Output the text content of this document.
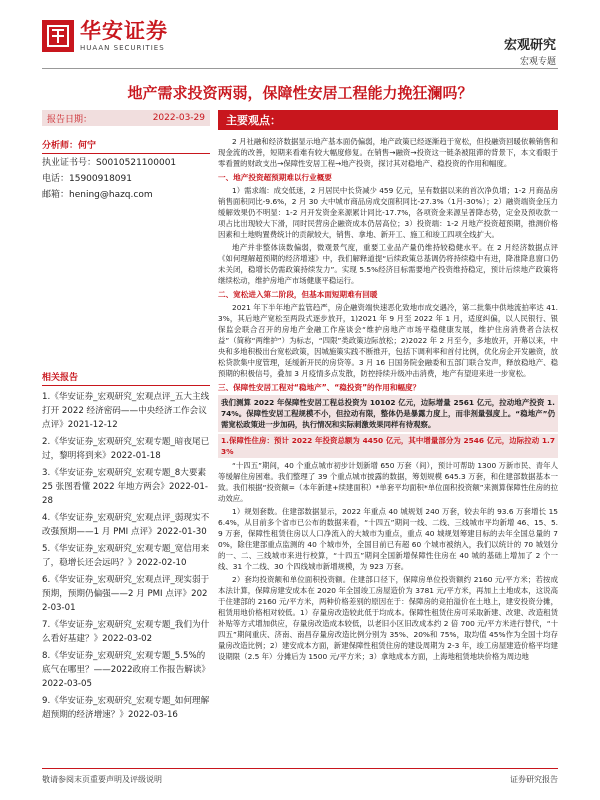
华安证券
HUAAN SECURITIES	宏观研究
宏观专题
地产需求投资两弱，保障性安居工程能力挽狂澜吗？
报告日期：	2022-03-29
分析师：何宁
执业证书号：S0010521100001
电话：15900918091
邮箱：hening@hazq.com
相关报告
1.《华安证券_宏观研究_宏观点评_五大主线打开 2022 经济密码——中央经济工作会议点评》2021-12-12
2.《华安证券_宏观研究_宏观专题_暗夜尾已过，黎明将到来》2022-01-18
3.《华安证券_宏观研究_宏观专题_8大要素 25 张图看懂 2022 年地方两会》2022-01-28
4.《华安证券_宏观研究_宏观点评_弱现实不改强预期——1 月 PMI 点评》2022-01-30
5.《华安证券_宏观研究_宏观专题_宽信用来了，稳增长还会远吗？》2022-02-10
6.《华安证券_宏观研究_宏观点评_现实弱于预期，预期仍偏强——2 月 PMI 点评》2022-03-01
7.《华安证券_宏观研究_宏观专题_我们为什么看好基建？》2022-03-02
8.《华安证券_宏观研究_宏观专题_5.5%的底气在哪里？——2022政府工作报告解读》2022-03-05
9.《华安证券_宏观研究_宏观专题_如何理解超预期的经济增速？》2022-03-16
主要观点：

2 月社融和经济数据显示地产基本面仍偏弱，地产政策已经逐渐趋于宽松，但投融资回暖依赖销售和现金流的改善，短期来看难有较大幅度修复。在销售→融资→投资这一链条被阻滞的背景下，本文看眼于零看置的财政支出→保障性安居工程→地产投资，探讨其对稳地产、稳投资的作用和幅度。

一、地产投资超预期难以行业概要

1）需求端：成交低迷，2 月居民中长贷减少 459 亿元，呈有数据以来的首次净负增；1-2 月商品房销售面积同比-9.6%，2 月 30 大中城市商品房成交面积同比-27.3%（1月-30%）；2）融资端资金压力缓解效果仍不明显：1-2 月开发资金来源累计同比-17.7%，各项资金来源呈普降态势，定金及预收款一项占比出现较大下滑，同时民营房企融资成本仍居高位；3）投资端：1-2 月地产投资超预期，推测价格因素和土地购置费统计的贡献较大，销售、拿地、新开工、施工和竣工四项全线扩大。

地产并非整体读数偏弱，微观景气度，重要工业品产量仍维持较稳健水平。在 2 月经济数据点评《如何理解超预期的经济增速》中，我们解释道提“后续政策总基调仍将持续稳中有进，降准降息窗口仍未关闭，稳增长仍需政策持续发力”。实现 5.5%经济目标需要地产投资维持稳定，预计后续地产政策将继续松动，维护房地产市场健康平稳运行。

二、宽松进入第二阶段，但基本面短期难有回暖

2021 年下半年地产监管趋严，房企融资端快速恶化致地市成交遇冷，第二批集中供地流拍率达 41.3%，其后地产宽松至两段式逐步放开，1)2021 年 9 月至 2022 年 1 月，适度纠偏，以人民银行、银保监会联合召开的房地产金融工作座谈会“维护房地产市场平稳健康发展，维护住房消费者合法权益”（简称“两维护”）为标志，“四限”类政策边际放松；2)2022 年 2 月至今，多地放开，开幕以来，中央和多地积极出台宽松政策，因城施策实践不断推开，包括下调利率和首付比例，优化房企开发融资，放松贷款集中度管理，延缓新开民的房贷等。3 月 16 日国务院金融委和五部门联合发声，释放稳地产、稳预期的积极信号，叠加 3 月疫情多点发散，防控持续升级冲击消费，地产有望迎来进一步宽松。

三、保障性安居工程对“稳地产”、“稳投资”的作用和幅度？
我们测算 2022 年保障性安居工程总投资为 10102 亿元，边际增量 2561 亿元，拉动地产投资 1.74%。保障性安居工程规模不小，但拉动有限，整体仍是暴露力度上，而非剂量强度上。“稳地产”仍需宽松政策进一步加码，执行情况和实际刺激效果同样有待观察。
1.保障性住房：预计 2022 年投资总额为 4450 亿元，其中增量部分为 2546 亿元，边际拉动 1.73%

“十四五”期间，40 个重点城市初步计划新增 650 万套（间），预计可帮助 1300 万新市民、青年人等缓解住房困难。我们整理了 39 个重点城市披露的数据，筹划规模 645.3 万套，和住建部数据基本一致。我们根据“投资额=（本年新建+续建面积）*单套平均面积*单位面积投资额”来测算保障性住房的拉动效应。

1）规划套数。住建部数据显示，2022 年重点 40 城规划 240 万套，较去年的 93.6 万套增长 156.4%，从目前多个省市已公布的数据来看，“十四五”期间一线、二线、三线城市平均新增 46、15、5.9 万套，保障性租赁住房以人口净流入的大城市为重点，重点 40 城规划筹建目标的去年全国总量的 70%，除住建部重点监测的 40 个城市外，全国目前已有超 60 个城市被纳入，我们以统计的 70 城划分的一、二、三线城市来进行校算，“十四五”期间全国新增保障性住房在 40 城的基础上增加了 2 个一线、31 个二线、30 个四线城市新增规模，为 923 万套。

2）套均投资额和单位面积投资额。住建部口径下，保障房单位投资额约 2160 元/平方米；若按成本法计算，保障房建安成本在 2020 年全国竣工房屋造价为 3781 元/平方米，再加上土地成本，这说高于住建部的 2160 元/平方米，两种价格差别的原因在于：保障房的竞拍溢价在土地上，建安投资分摊，租赁用地价格相对较低。1）存量房改造较此低于均成本。保障性租赁住房可采取新建、改建、改造租赁补贴等方式增加供应，存量房改造成本较低，以老旧小区旧改成本约 2 倍 700 元/平方米进行替代，“十四五”期间重庆、济南、南昌存量房改造比例分别为 35%、20%和 75%，取均值 45%作为全国十均存量房改造比例；2）建安成本方面，新建保障性租赁住房的建设周期为 2-3 年，竣工房屋建造价格平均建设期限（2.5 年）分摊后为 1500 元/平方米；3）拿地成本方面，上海地租赁地块价格为周边地

敬请参阅末页重要声明及评级说明	证券研究报告
